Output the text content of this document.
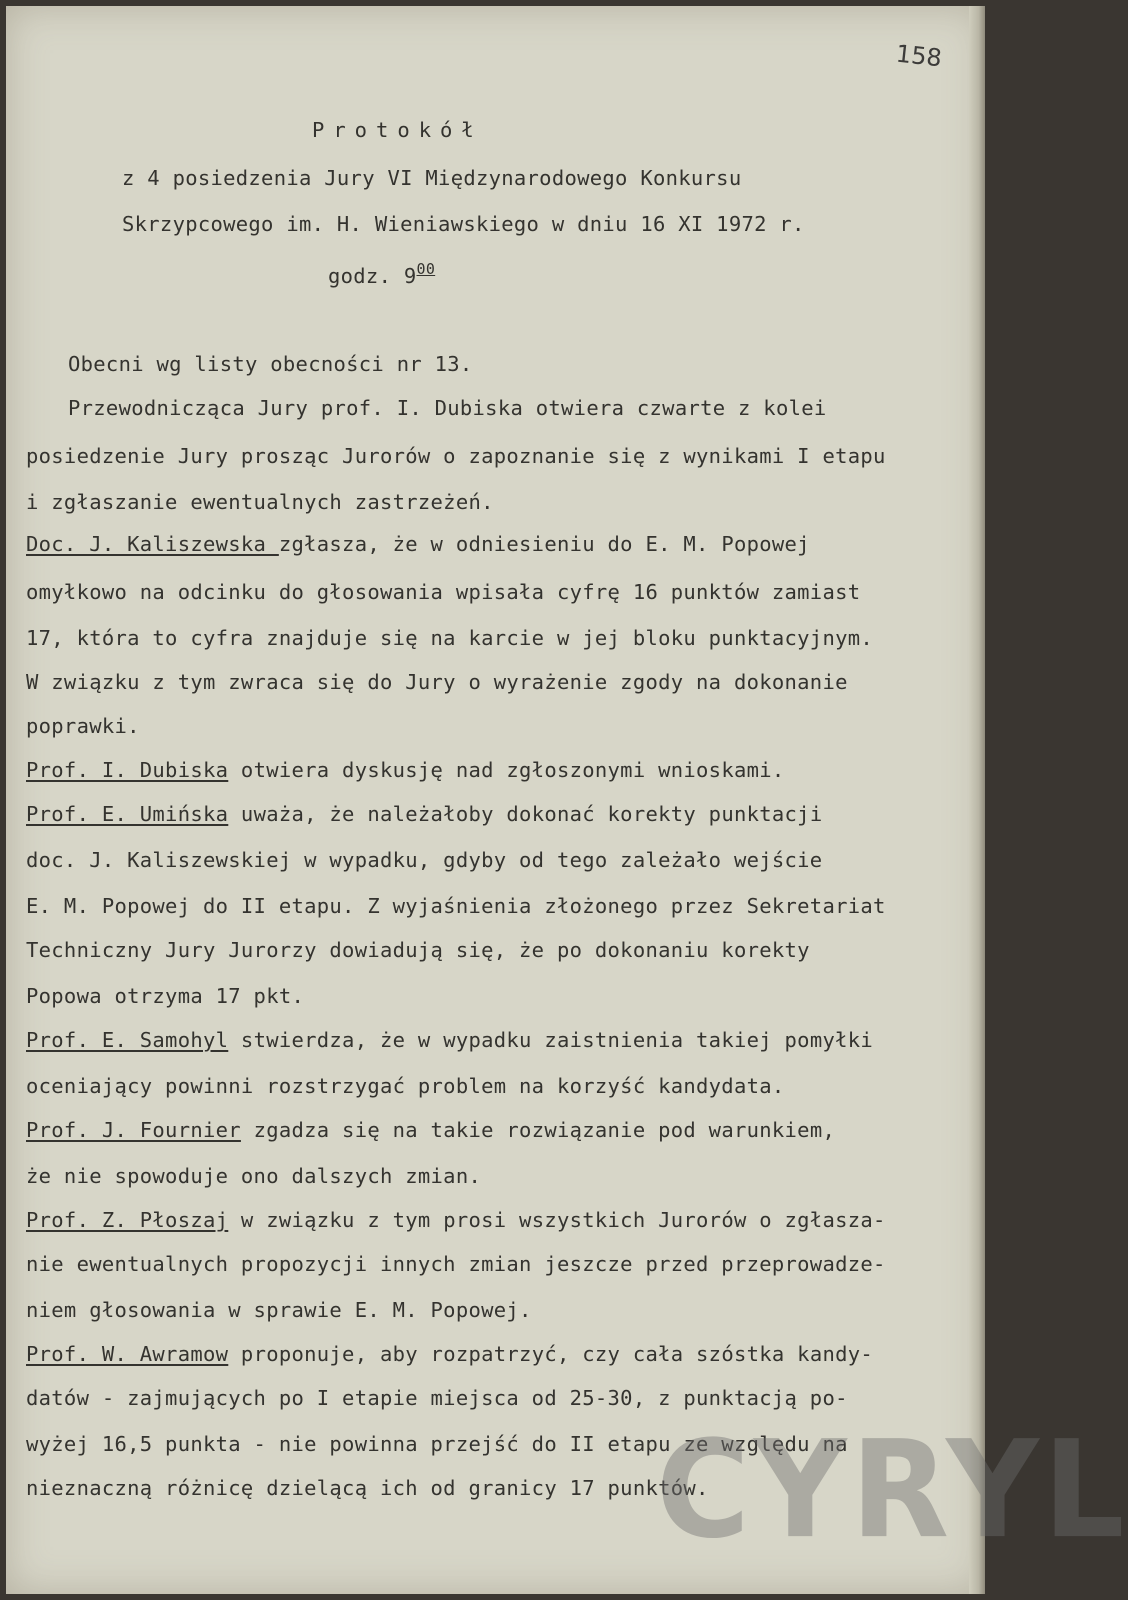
158
Protokół
z 4 posiedzenia Jury VI Międzynarodowego Konkursu
Skrzypcowego im. H. Wieniawskiego w dniu 16 XI 1972 r.
godz. $9^{00}$
Obecni wg listy obecności nr 13.
Przewodnicząca Jury prof. I. Dubiska otwiera czwarte z kolei
posiedzenie Jury prosząc Jurorów o zapoznanie się z wynikami I etapu
i zgłaszanie ewentualnych zastrzeżeń.
Doc. J. Kaliszewska zgłasza, że w odniesieniu do E. M. Popowej
omyłkowo na odcinku do głosowania wpisała cyfrę 16 punktów zamiast
17, która to cyfra znajduje się na karcie w jej bloku punktacyjnym.
W związku z tym zwraca się do Jury o wyrażenie zgody na dokonanie
poprawki.
Prof. I. Dubiska otwiera dyskusję nad zgłoszonymi wnioskami.
Prof. E. Umińska uważa, że należałoby dokonać korekty punktacji
doc. J. Kaliszewskiej w wypadku, gdyby od tego zależało wejście
E. M. Popowej do II etapu. Z wyjaśnienia złożonego przez Sekretariat
Techniczny Jury Jurorzy dowiadują się, że po dokonaniu korekty
Popowa otrzyma 17 pkt.
Prof. E. Samohyl stwierdza, że w wypadku zaistnienia takiej pomyłki
oceniający powinni rozstrzygać problem na korzyść kandydata.
Prof. J. Fournier zgadza się na takie rozwiązanie pod warunkiem,
że nie spowoduje ono dalszych zmian.
Prof. Z. Płoszaj w związku z tym prosi wszystkich Jurorów o zgłasza-
nie ewentualnych propozycji innych zmian jeszcze przed przeprowadze-
niem głosowania w sprawie E. M. Popowej.
Prof. W. Awramow proponuje, aby rozpatrzyć, czy cała szóstka kandy-
datów - zajmujących po I etapie miejsca od 25-30, z punktacją po-
wyżej 16,5 punkta - nie powinna przejść do II etapu ze względu na
nieznaczną różnicę dzielącą ich od granicy 17 punktów.
CYRYL
